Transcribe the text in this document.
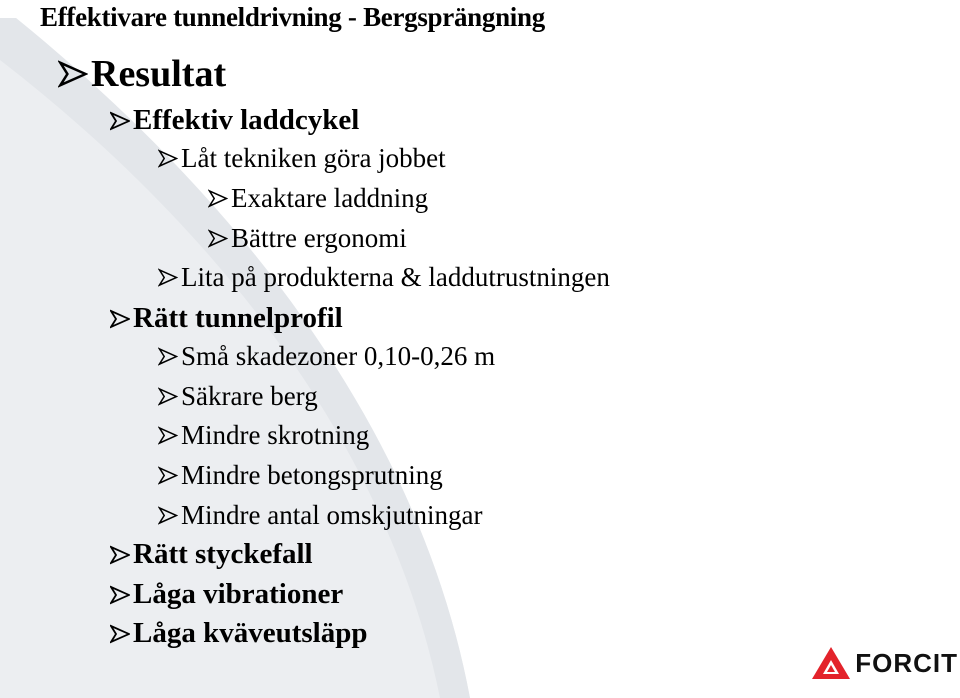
Effektivare tunneldrivning - Bergsprängning
Resultat
Effektiv laddcykel
Låt tekniken göra jobbet
Exaktare laddning
Bättre ergonomi
Lita på produkterna & laddutrustningen
Rätt tunnelprofil
Små skadezoner 0,10-0,26 m
Säkrare berg
Mindre skrotning
Mindre betongsprutning
Mindre antal omskjutningar
Rätt styckefall
Låga vibrationer
Låga kväveutsläpp
FORCIT
